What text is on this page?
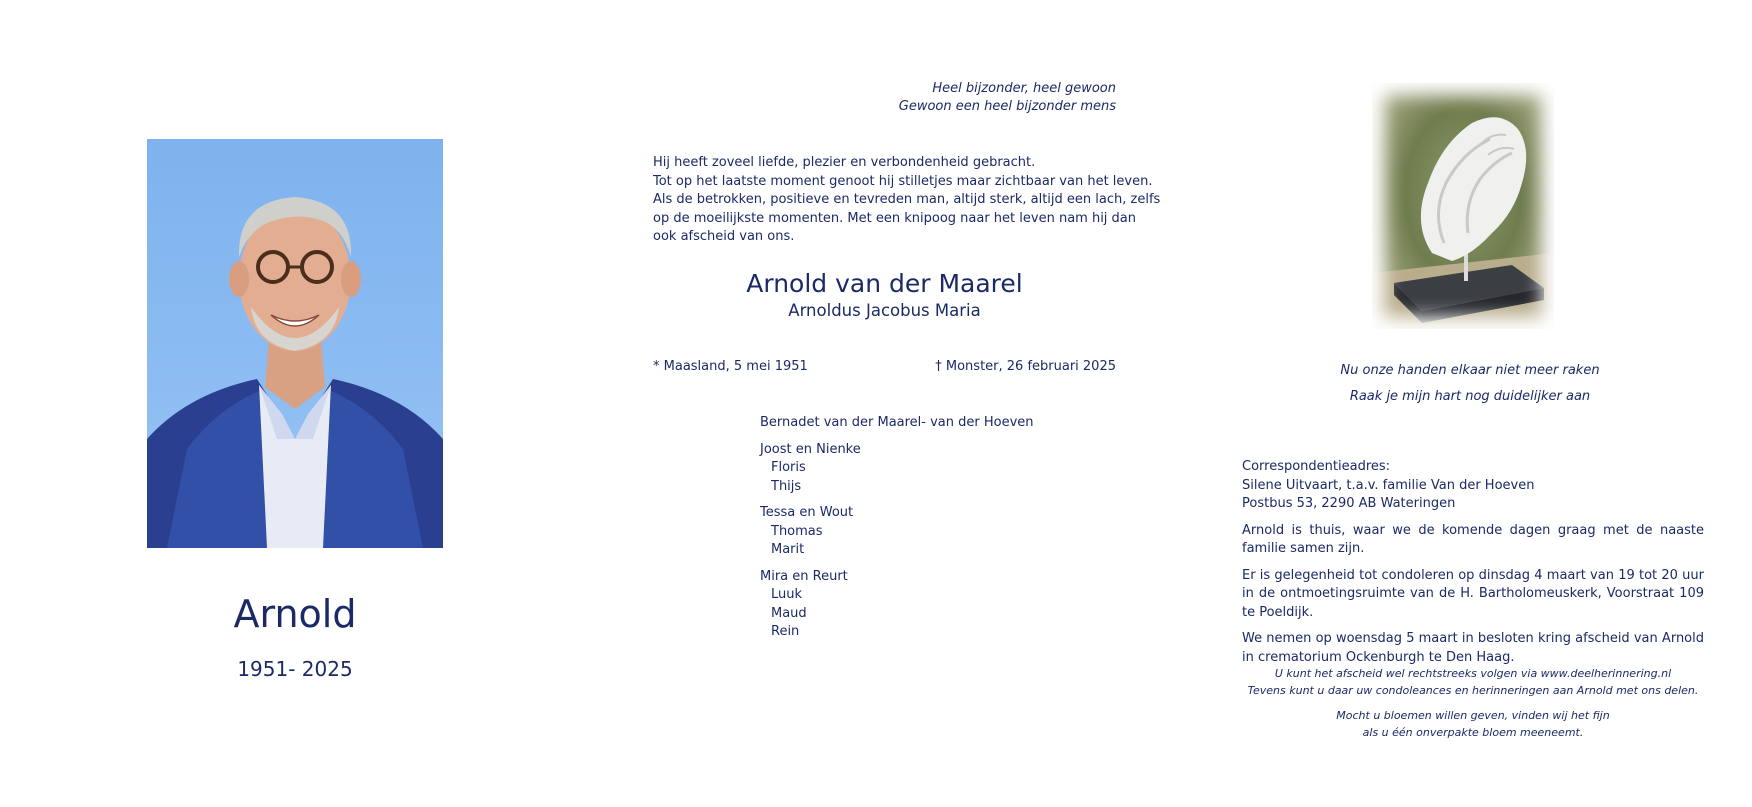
Arnold
1951- 2025
Heel bijzonder, heel gewoon
Gewoon een heel bijzonder mens
Hij heeft zoveel liefde, plezier en verbondenheid gebracht.
Tot op het laatste moment genoot hij stilletjes maar zichtbaar van het leven.
Als de betrokken, positieve en tevreden man, altijd sterk, altijd een lach, zelfs
op de moeilijkste momenten. Met een knipoog naar het leven nam hij dan
ook afscheid van ons.
Arnold van der Maarel
Arnoldus Jacobus Maria
* Maasland, 5 mei 1951	† Monster, 26 februari 2025
Bernadet van der Maarel- van der Hoeven
Joost en Nienke
Floris
Thijs
Tessa en Wout
Thomas
Marit
Mira en Reurt
Luuk
Maud
Rein
Nu onze handen elkaar niet meer raken
Raak je mijn hart nog duidelijker aan
Correspondentieadres:
Silene Uitvaart, t.a.v. familie Van der Hoeven
Postbus 53, 2290 AB Wateringen
Arnold is thuis, waar we de komende dagen graag met de naaste familie samen zijn.
Er is gelegenheid tot condoleren op dinsdag 4 maart van 19 tot 20 uur in de ontmoetingsruimte van de H. Bartholomeuskerk, Voorstraat 109 te Poeldijk.
We nemen op woensdag 5 maart in besloten kring afscheid van Arnold in crematorium Ockenburgh te Den Haag.
U kunt het afscheid wel rechtstreeks volgen via www.deelherinnering.nl
Tevens kunt u daar uw condoleances en herinneringen aan Arnold met ons delen.
Mocht u bloemen willen geven, vinden wij het fijn
als u één onverpakte bloem meeneemt.
